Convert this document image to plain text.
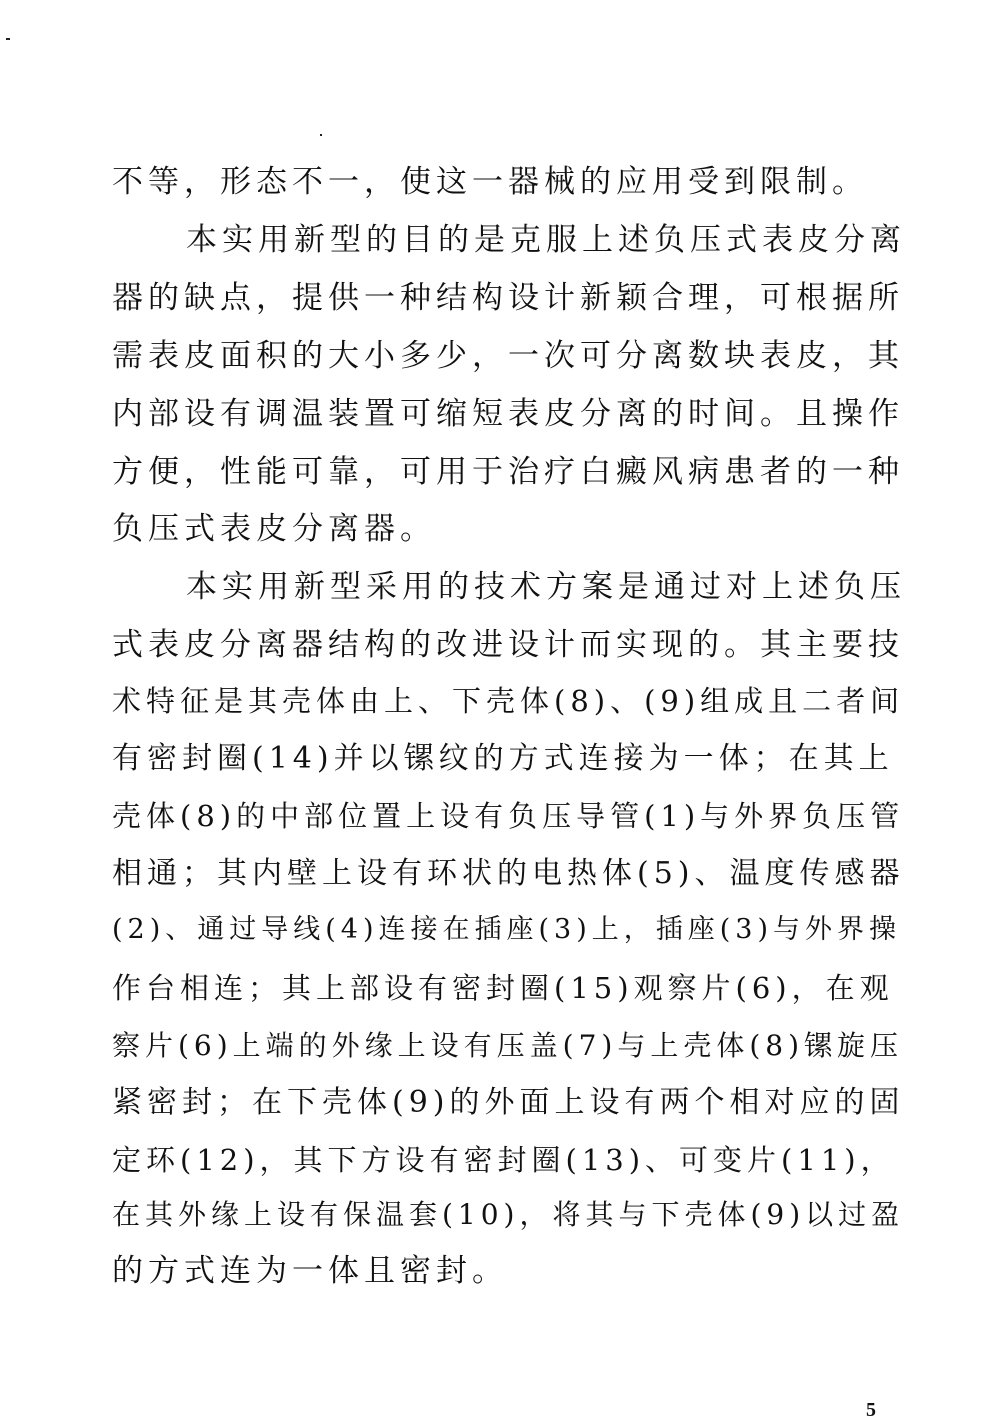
不等，形态不一，使这一器械的应用受到限制。
本实用新型的目的是克服上述负压式表皮分离
器的缺点，提供一种结构设计新颖合理，可根据所
需表皮面积的大小多少，一次可分离数块表皮，其
内部设有调温装置可缩短表皮分离的时间。且操作
方便，性能可靠，可用于治疗白癜风病患者的一种
负压式表皮分离器。
本实用新型采用的技术方案是通过对上述负压
式表皮分离器结构的改进设计而实现的。其主要技
术特征是其壳体由上、下壳体(8)、(9)组成且二者间
有密封圈(14)并以镙纹的方式连接为一体；在其上
壳体(8)的中部位置上设有负压导管(1)与外界负压管
相通；其内壁上设有环状的电热体(5)、温度传感器
(2)、通过导线(4)连接在插座(3)上，插座(3)与外界操
作台相连；其上部设有密封圈(15)观察片(6)，在观
察片(6)上端的外缘上设有压盖(7)与上壳体(8)镙旋压
紧密封；在下壳体(9)的外面上设有两个相对应的固
定环(12)，其下方设有密封圈(13)、可变片(11)，
在其外缘上设有保温套(10)，将其与下壳体(9)以过盈
的方式连为一体且密封。
5
